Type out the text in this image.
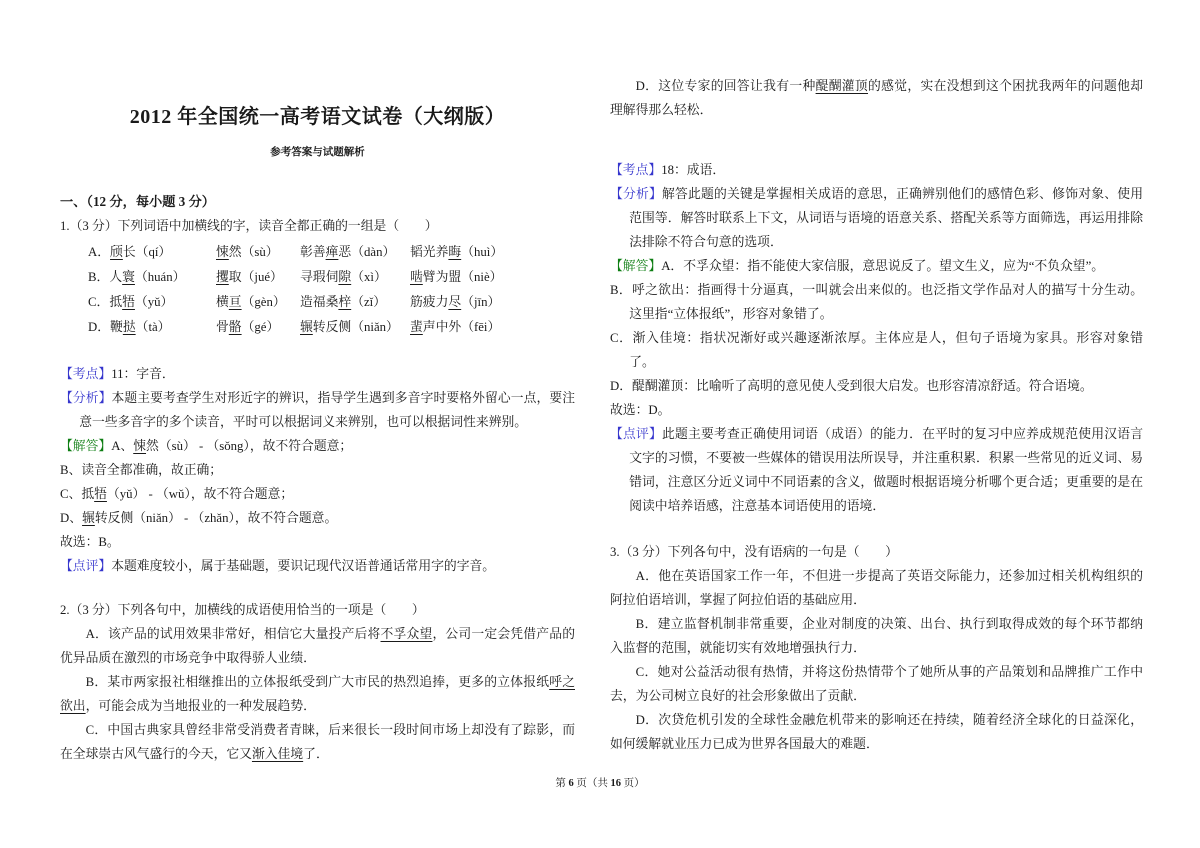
2012 年全国统一高考语文试卷（大纲版）
参考答案与试题解析
一、（12 分，每小题 3 分）
1.（3 分）下列词语中加横线的字，读音全都正确的一组是（　　）
A．颀长（qí）	悚然（sù） 彰善瘅恶（dàn） 韬光养晦（huì）
B．人寰（huán） 攫取（jué） 寻瑕伺隙（xì） 啮臂为盟（niè）
C．抵牾（yǔ）	横亘（gèn） 造福桑梓（zǐ） 筋疲力尽（jīn）
D．鞭挞（tà）	骨骼（gé） 辗转反侧（niǎn） 蜚声中外（fēi）
【考点】11：字音．
【分析】本题主要考查学生对形近字的辨识，指导学生遇到多音字时要格外留心一点，要注意一些多音字的多个读音，平时可以根据词义来辨别，也可以根据词性来辨别。
【解答】A、悚然（sù） - （sǒng），故不符合题意；
B、读音全都准确，故正确；
C、抵牾（yǔ） - （wǔ），故不符合题意；
D、辗转反侧（niǎn） - （zhǎn），故不符合题意。
故选：B。
【点评】本题难度较小，属于基础题，要识记现代汉语普通话常用字的字音。
2.（3 分）下列各句中，加横线的成语使用恰当的一项是（　　）
A．该产品的试用效果非常好，相信它大量投产后将不孚众望，公司一定会凭借产品的优异品质在激烈的市场竞争中取得骄人业绩．
B．某市两家报社相继推出的立体报纸受到广大市民的热烈追捧，更多的立体报纸呼之欲出，可能会成为当地报业的一种发展趋势．
C．中国古典家具曾经非常受消费者青睐，后来很长一段时间市场上却没有了踪影，而在全球崇古风气盛行的今天，它又渐入佳境了．
D．这位专家的回答让我有一种醍醐灌顶的感觉，实在没想到这个困扰我两年的问题他却理解得那么轻松．
【考点】18：成语．
【分析】解答此题的关键是掌握相关成语的意思，正确辨别他们的感情色彩、修饰对象、使用范围等．解答时联系上下文，从词语与语境的语意关系、搭配关系等方面筛选，再运用排除法排除不符合句意的选项．
【解答】A．不孚众望：指不能使大家信服，意思说反了。望文生义，应为“不负众望”。
B．呼之欲出：指画得十分逼真，一叫就会出来似的。也泛指文学作品对人的描写十分生动。这里指“立体报纸”，形容对象错了。
C．渐入佳境：指状况渐好或兴趣逐渐浓厚。主体应是人，但句子语境为家具。形容对象错了。
D．醍醐灌顶：比喻听了高明的意见使人受到很大启发。也形容清凉舒适。符合语境。
故选：D。
【点评】此题主要考查正确使用词语（成语）的能力．在平时的复习中应养成规范使用汉语言文字的习惯，不要被一些媒体的错误用法所误导，并注重积累．积累一些常见的近义词、易错词，注意区分近义词中不同语素的含义，做题时根据语境分析哪个更合适；更重要的是在阅读中培养语感，注意基本词语使用的语境．
3.（3 分）下列各句中，没有语病的一句是（　　）
A．他在英语国家工作一年，不但进一步提高了英语交际能力，还参加过相关机构组织的阿拉伯语培训，掌握了阿拉伯语的基础应用．
B．建立监督机制非常重要，企业对制度的决策、出台、执行到取得成效的每个环节都纳入监督的范围，就能切实有效地增强执行力．
C．她对公益活动很有热情，并将这份热情带个了她所从事的产品策划和品牌推广工作中去，为公司树立良好的社会形象做出了贡献．
D．次贷危机引发的全球性金融危机带来的影响还在持续，随着经济全球化的日益深化，如何缓解就业压力已成为世界各国最大的难题．
第 6 页（共 16 页）
